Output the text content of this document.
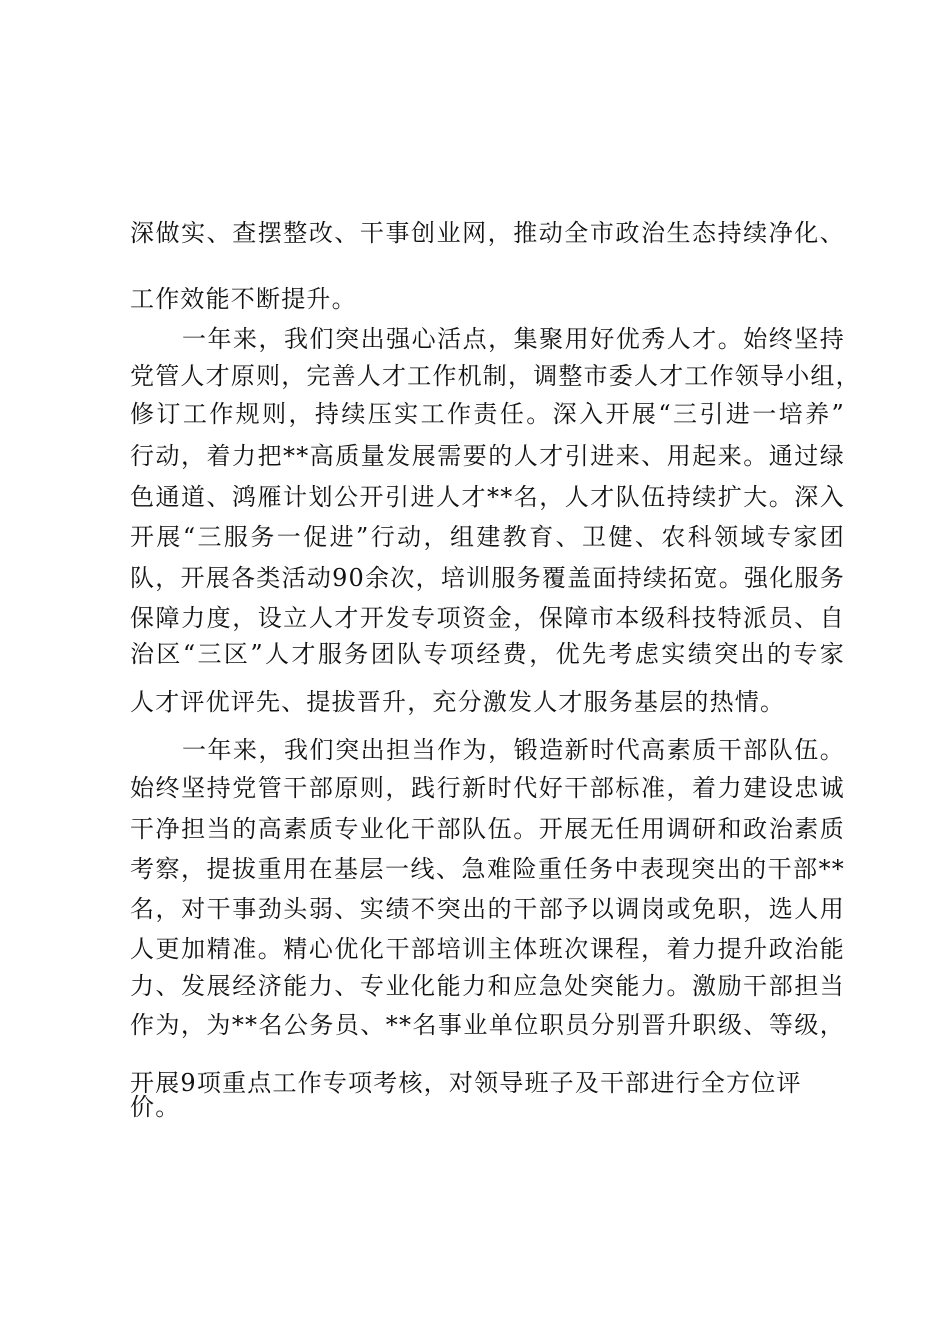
深做实、查摆整改、干事创业网，推动全市政治生态持续净化、
工作效能不断提升。
一年来，我们突出强心活点，集聚用好优秀人才。始终坚持
党管人才原则，完善人才工作机制，调整市委人才工作领导小组，
修订工作规则，持续压实工作责任。深入开展“三引进一培养”
行动，着力把**高质量发展需要的人才引进来、用起来。通过绿
色通道、鸿雁计划公开引进人才**名，人才队伍持续扩大。深入
开展“三服务一促进”行动，组建教育、卫健、农科领域专家团
队，开展各类活动90余次，培训服务覆盖面持续拓宽。强化服务
保障力度，设立人才开发专项资金，保障市本级科技特派员、自
治区“三区”人才服务团队专项经费，优先考虑实绩突出的专家
人才评优评先、提拔晋升，充分激发人才服务基层的热情。
一年来，我们突出担当作为，锻造新时代高素质干部队伍。
始终坚持党管干部原则，践行新时代好干部标准，着力建设忠诚
干净担当的高素质专业化干部队伍。开展无任用调研和政治素质
考察，提拔重用在基层一线、急难险重任务中表现突出的干部**
名，对干事劲头弱、实绩不突出的干部予以调岗或免职，选人用
人更加精准。精心优化干部培训主体班次课程，着力提升政治能
力、发展经济能力、专业化能力和应急处突能力。激励干部担当
作为，为**名公务员、**名事业单位职员分别晋升职级、等级，
开展9项重点工作专项考核，对领导班子及干部进行全方位评
价。
